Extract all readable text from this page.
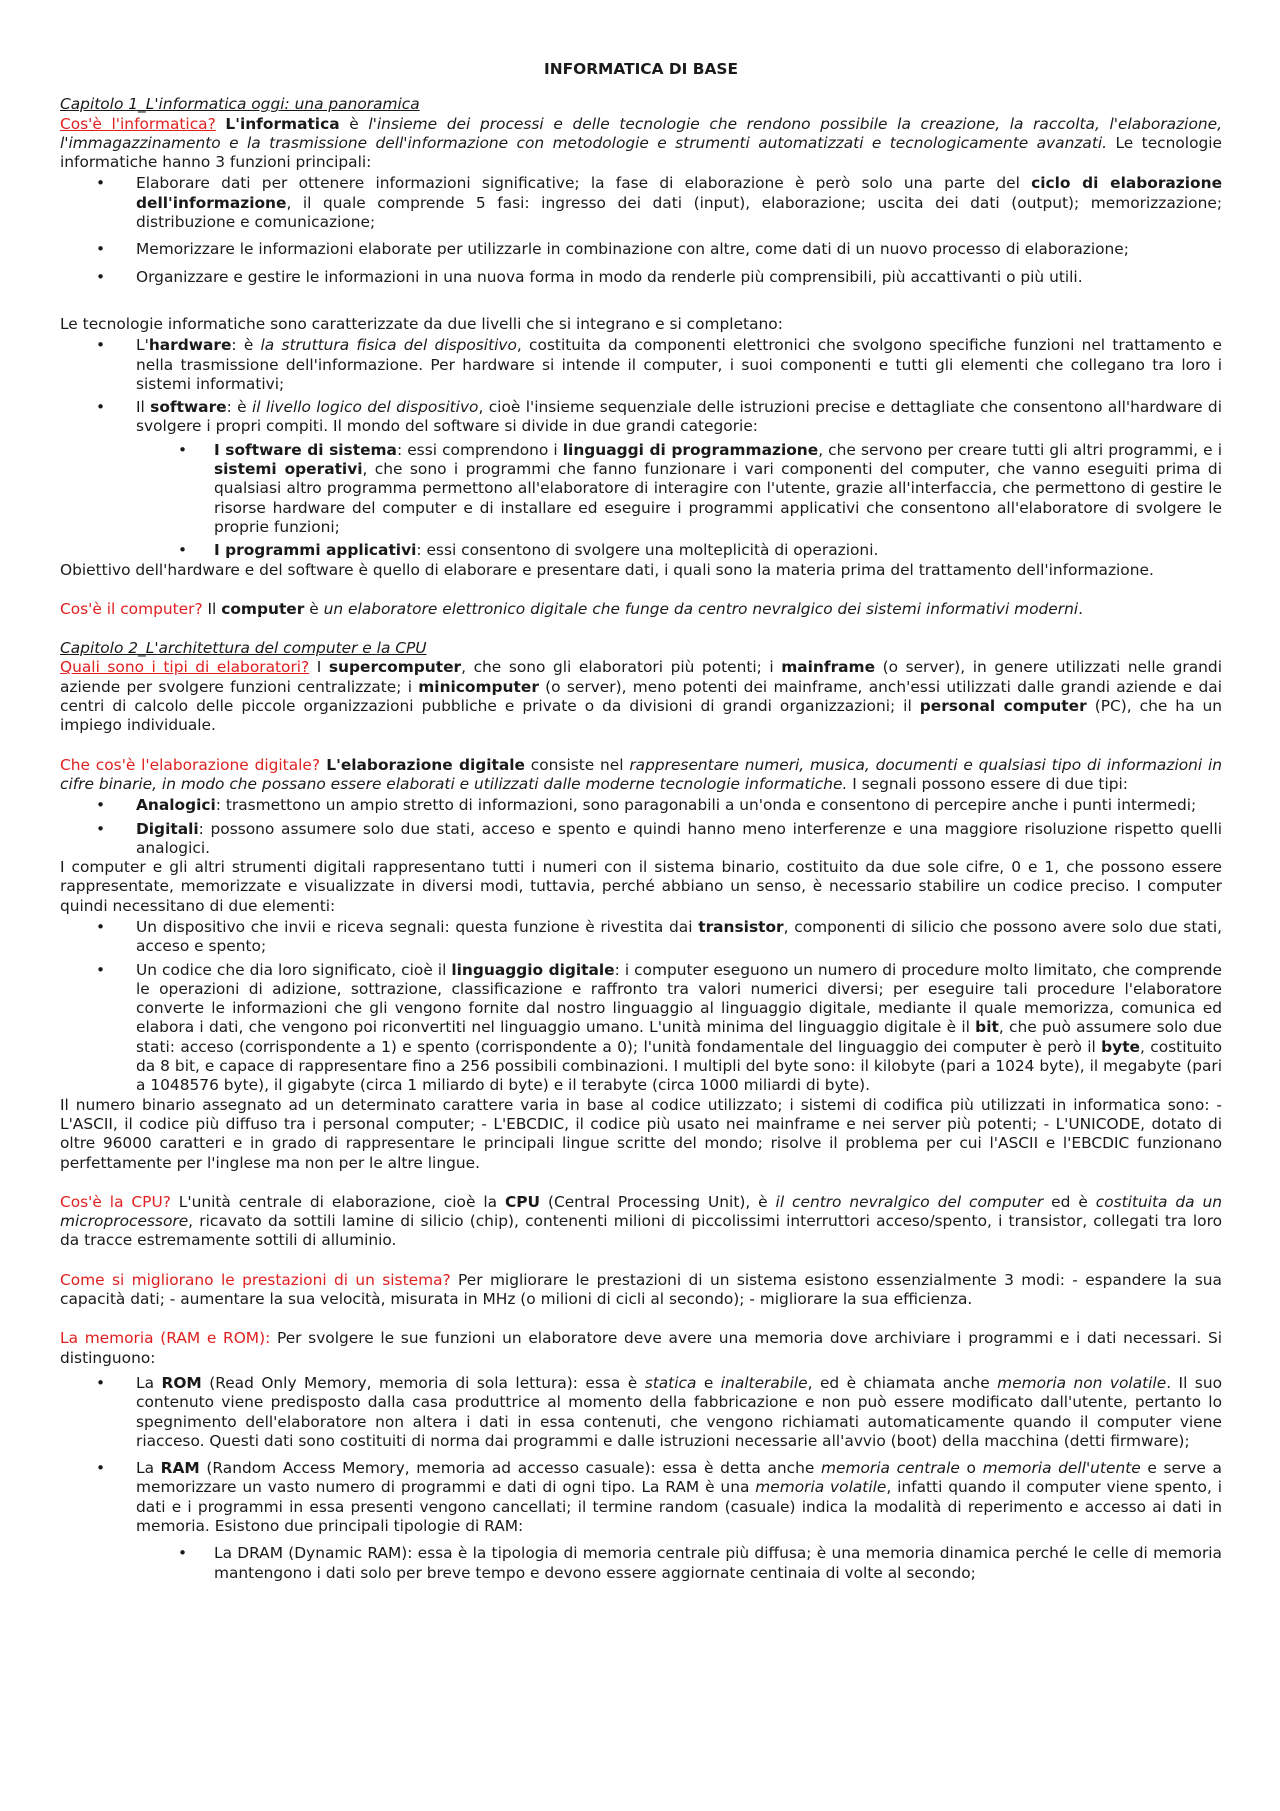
INFORMATICA DI BASE
Capitolo 1_L'informatica oggi: una panoramica

Cos'è l'informatica? L'informatica è l'insieme dei processi e delle tecnologie che rendono possibile la creazione, la raccolta, l'elaborazione, l'immagazzinamento e la trasmissione dell'informazione con metodologie e strumenti automatizzati e tecnologicamente avanzati. Le tecnologie informatiche hanno 3 funzioni principali:

• Elaborare dati per ottenere informazioni significative; la fase di elaborazione è però solo una parte del ciclo di elaborazione dell'informazione, il quale comprende 5 fasi: ingresso dei dati (input), elaborazione; uscita dei dati (output); memorizzazione; distribuzione e comunicazione;
• Memorizzare le informazioni elaborate per utilizzarle in combinazione con altre, come dati di un nuovo processo di elaborazione;
• Organizzare e gestire le informazioni in una nuova forma in modo da renderle più comprensibili, più accattivanti o più utili.

Le tecnologie informatiche sono caratterizzate da due livelli che si integrano e si completano:

• L'hardware: è la struttura fisica del dispositivo, costituita da componenti elettronici che svolgono specifiche funzioni nel trattamento e nella trasmissione dell'informazione. Per hardware si intende il computer, i suoi componenti e tutti gli elementi che collegano tra loro i sistemi informativi;
• Il software: è il livello logico del dispositivo, cioè l'insieme sequenziale delle istruzioni precise e dettagliate che consentono all'hardware di svolgere i propri compiti. Il mondo del software si divide in due grandi categorie:
• I software di sistema: essi comprendono i linguaggi di programmazione, che servono per creare tutti gli altri programmi, e i sistemi operativi, che sono i programmi che fanno funzionare i vari componenti del computer, che vanno eseguiti prima di qualsiasi altro programma permettono all'elaboratore di interagire con l'utente, grazie all'interfaccia, che permettono di gestire le risorse hardware del computer e di installare ed eseguire i programmi applicativi che consentono all'elaboratore di svolgere le proprie funzioni;
• I programmi applicativi: essi consentono di svolgere una molteplicità di operazioni.

Obiettivo dell'hardware e del software è quello di elaborare e presentare dati, i quali sono la materia prima del trattamento dell'informazione.

Cos'è il computer? Il computer è un elaboratore elettronico digitale che funge da centro nevralgico dei sistemi informativi moderni.

Capitolo 2_L'architettura del computer e la CPU

Quali sono i tipi di elaboratori? I supercomputer, che sono gli elaboratori più potenti; i mainframe (o server), in genere utilizzati nelle grandi aziende per svolgere funzioni centralizzate; i minicomputer (o server), meno potenti dei mainframe, anch'essi utilizzati dalle grandi aziende e dai centri di calcolo delle piccole organizzazioni pubbliche e private o da divisioni di grandi organizzazioni; il personal computer (PC), che ha un impiego individuale.

Che cos'è l'elaborazione digitale? L'elaborazione digitale consiste nel rappresentare numeri, musica, documenti e qualsiasi tipo di informazioni in cifre binarie, in modo che possano essere elaborati e utilizzati dalle moderne tecnologie informatiche. I segnali possono essere di due tipi:

• Analogici: trasmettono un ampio stretto di informazioni, sono paragonabili a un'onda e consentono di percepire anche i punti intermedi;
• Digitali: possono assumere solo due stati, acceso e spento e quindi hanno meno interferenze e una maggiore risoluzione rispetto quelli analogici.

I computer e gli altri strumenti digitali rappresentano tutti i numeri con il sistema binario, costituito da due sole cifre, 0 e 1, che possono essere rappresentate, memorizzate e visualizzate in diversi modi, tuttavia, perché abbiano un senso, è necessario stabilire un codice preciso. I computer quindi necessitano di due elementi:

• Un dispositivo che invii e riceva segnali: questa funzione è rivestita dai transistor, componenti di silicio che possono avere solo due stati, acceso e spento;
• Un codice che dia loro significato, cioè il linguaggio digitale: i computer eseguono un numero di procedure molto limitato, che comprende le operazioni di adizione, sottrazione, classificazione e raffronto tra valori numerici diversi; per eseguire tali procedure l'elaboratore converte le informazioni che gli vengono fornite dal nostro linguaggio al linguaggio digitale, mediante il quale memorizza, comunica ed elabora i dati, che vengono poi riconvertiti nel linguaggio umano. L'unità minima del linguaggio digitale è il bit, che può assumere solo due stati: acceso (corrispondente a 1) e spento (corrispondente a 0); l'unità fondamentale del linguaggio dei computer è però il byte, costituito da 8 bit, e capace di rappresentare fino a 256 possibili combinazioni. I multipli del byte sono: il kilobyte (pari a 1024 byte), il megabyte (pari a 1048576 byte), il gigabyte (circa 1 miliardo di byte) e il terabyte (circa 1000 miliardi di byte).

Il numero binario assegnato ad un determinato carattere varia in base al codice utilizzato; i sistemi di codifica più utilizzati in informatica sono: - L'ASCII, il codice più diffuso tra i personal computer; - L'EBCDIC, il codice più usato nei mainframe e nei server più potenti; - L'UNICODE, dotato di oltre 96000 caratteri e in grado di rappresentare le principali lingue scritte del mondo; risolve il problema per cui l'ASCII e l'EBCDIC funzionano perfettamente per l'inglese ma non per le altre lingue.

Cos'è la CPU? L'unità centrale di elaborazione, cioè la CPU (Central Processing Unit), è il centro nevralgico del computer ed è costituita da un microprocessore, ricavato da sottili lamine di silicio (chip), contenenti milioni di piccolissimi interruttori acceso/spento, i transistor, collegati tra loro da tracce estremamente sottili di alluminio.

Come si migliorano le prestazioni di un sistema? Per migliorare le prestazioni di un sistema esistono essenzialmente 3 modi: - espandere la sua capacità dati; - aumentare la sua velocità, misurata in MHz (o milioni di cicli al secondo); - migliorare la sua efficienza.

La memoria (RAM e ROM): Per svolgere le sue funzioni un elaboratore deve avere una memoria dove archiviare i programmi e i dati necessari. Si distinguono:

• La ROM (Read Only Memory, memoria di sola lettura): essa è statica e inalterabile, ed è chiamata anche memoria non volatile. Il suo contenuto viene predisposto dalla casa produttrice al momento della fabbricazione e non può essere modificato dall'utente, pertanto lo spegnimento dell'elaboratore non altera i dati in essa contenuti, che vengono richiamati automaticamente quando il computer viene riacceso. Questi dati sono costituiti di norma dai programmi e dalle istruzioni necessarie all'avvio (boot) della macchina (detti firmware);
• La RAM (Random Access Memory, memoria ad accesso casuale): essa è detta anche memoria centrale o memoria dell'utente e serve a memorizzare un vasto numero di programmi e dati di ogni tipo. La RAM è una memoria volatile, infatti quando il computer viene spento, i dati e i programmi in essa presenti vengono cancellati; il termine random (casuale) indica la modalità di reperimento e accesso ai dati in memoria. Esistono due principali tipologie di RAM:
• La DRAM (Dynamic RAM): essa è la tipologia di memoria centrale più diffusa; è una memoria dinamica perché le celle di memoria mantengono i dati solo per breve tempo e devono essere aggiornate centinaia di volte al secondo;
